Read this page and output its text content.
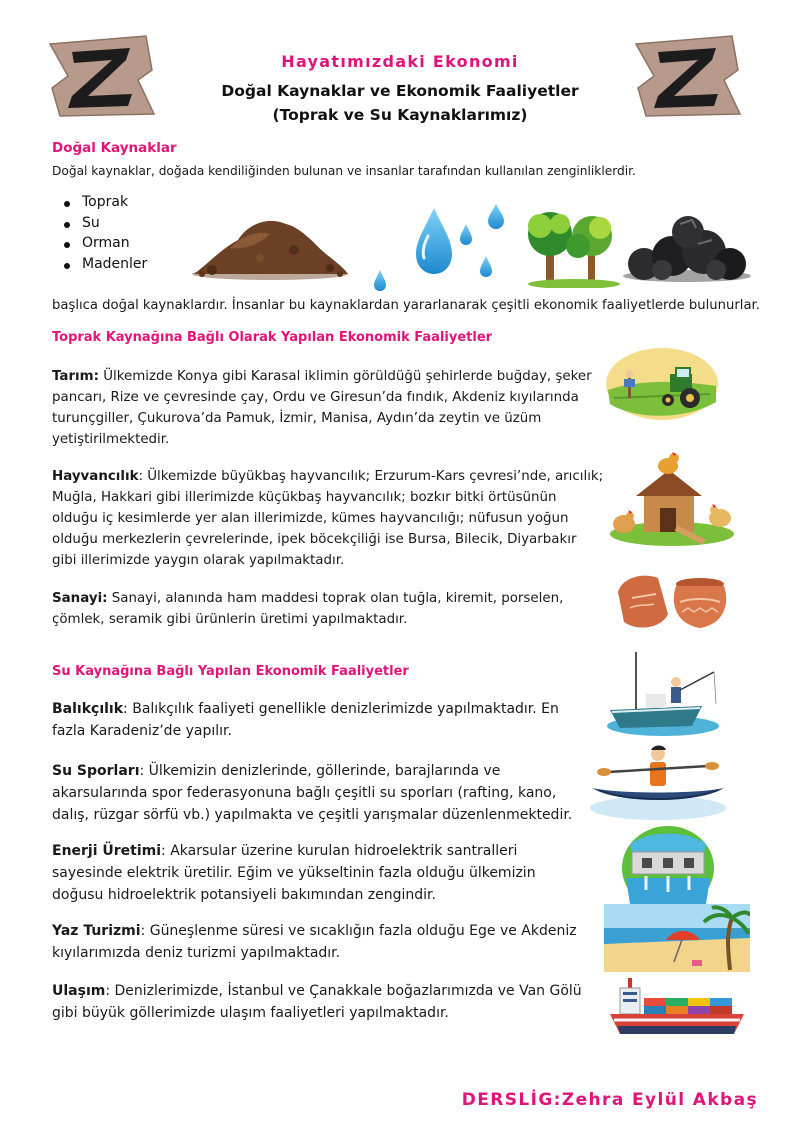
Hayatımızdaki Ekonomi
Doğal Kaynaklar ve Ekonomik Faaliyetler
(Toprak ve Su Kaynaklarımız)
Doğal Kaynaklar
Doğal kaynaklar, doğada kendiliğinden bulunan ve insanlar tarafından kullanılan zenginliklerdir.
Toprak
Su
Orman
Madenler
başlıca doğal kaynaklardır. İnsanlar bu kaynaklardan yararlanarak çeşitli ekonomik faaliyetlerde bulunurlar.
Toprak Kaynağına Bağlı Olarak Yapılan Ekonomik Faaliyetler
Tarım: Ülkemizde Konya gibi Karasal iklimin görüldüğü şehirlerde buğday, şeker
pancarı, Rize ve çevresinde çay, Ordu ve Giresun’da fındık, Akdeniz kıyılarında
turunçgiller, Çukurova’da Pamuk, İzmir, Manisa, Aydın’da zeytin ve üzüm
yetiştirilmektedir.
Hayvancılık: Ülkemizde büyükbaş hayvancılık; Erzurum-Kars çevresi’nde, arıcılık;
Muğla, Hakkari gibi illerimizde küçükbaş hayvancılık; bozkır bitki örtüsünün
olduğu iç kesimlerde yer alan illerimizde, kümes hayvancılığı; nüfusun yoğun
olduğu merkezlerin çevrelerinde, ipek böcekçiliği ise Bursa, Bilecik, Diyarbakır
gibi illerimizde yaygın olarak yapılmaktadır.
Sanayi: Sanayi, alanında ham maddesi toprak olan tuğla, kiremit, porselen,
çömlek, seramik gibi ürünlerin üretimi yapılmaktadır.
Su Kaynağına Bağlı Yapılan Ekonomik Faaliyetler
Balıkçılık: Balıkçılık faaliyeti genellikle denizlerimizde yapılmaktadır. En
fazla Karadeniz’de yapılır.
Su Sporları: Ülkemizin denizlerinde, göllerinde, barajlarında ve
akarsularında spor federasyonuna bağlı çeşitli su sporları (rafting, kano,
dalış, rüzgar sörfü vb.) yapılmakta ve çeşitli yarışmalar düzenlenmektedir.
Enerji Üretimi: Akarsular üzerine kurulan hidroelektrik santralleri
sayesinde elektrik üretilir. Eğim ve yükseltinin fazla olduğu ülkemizin
doğusu hidroelektrik potansiyeli bakımından zengindir.
Yaz Turizmi: Güneşlenme süresi ve sıcaklığın fazla olduğu Ege ve Akdeniz
kıyılarımızda deniz turizmi yapılmaktadır.
Ulaşım: Denizlerimizde, İstanbul ve Çanakkale boğazlarımızda ve Van Gölü
gibi büyük göllerimizde ulaşım faaliyetleri yapılmaktadır.
DERSLİG:Zehra Eylül Akbaş
